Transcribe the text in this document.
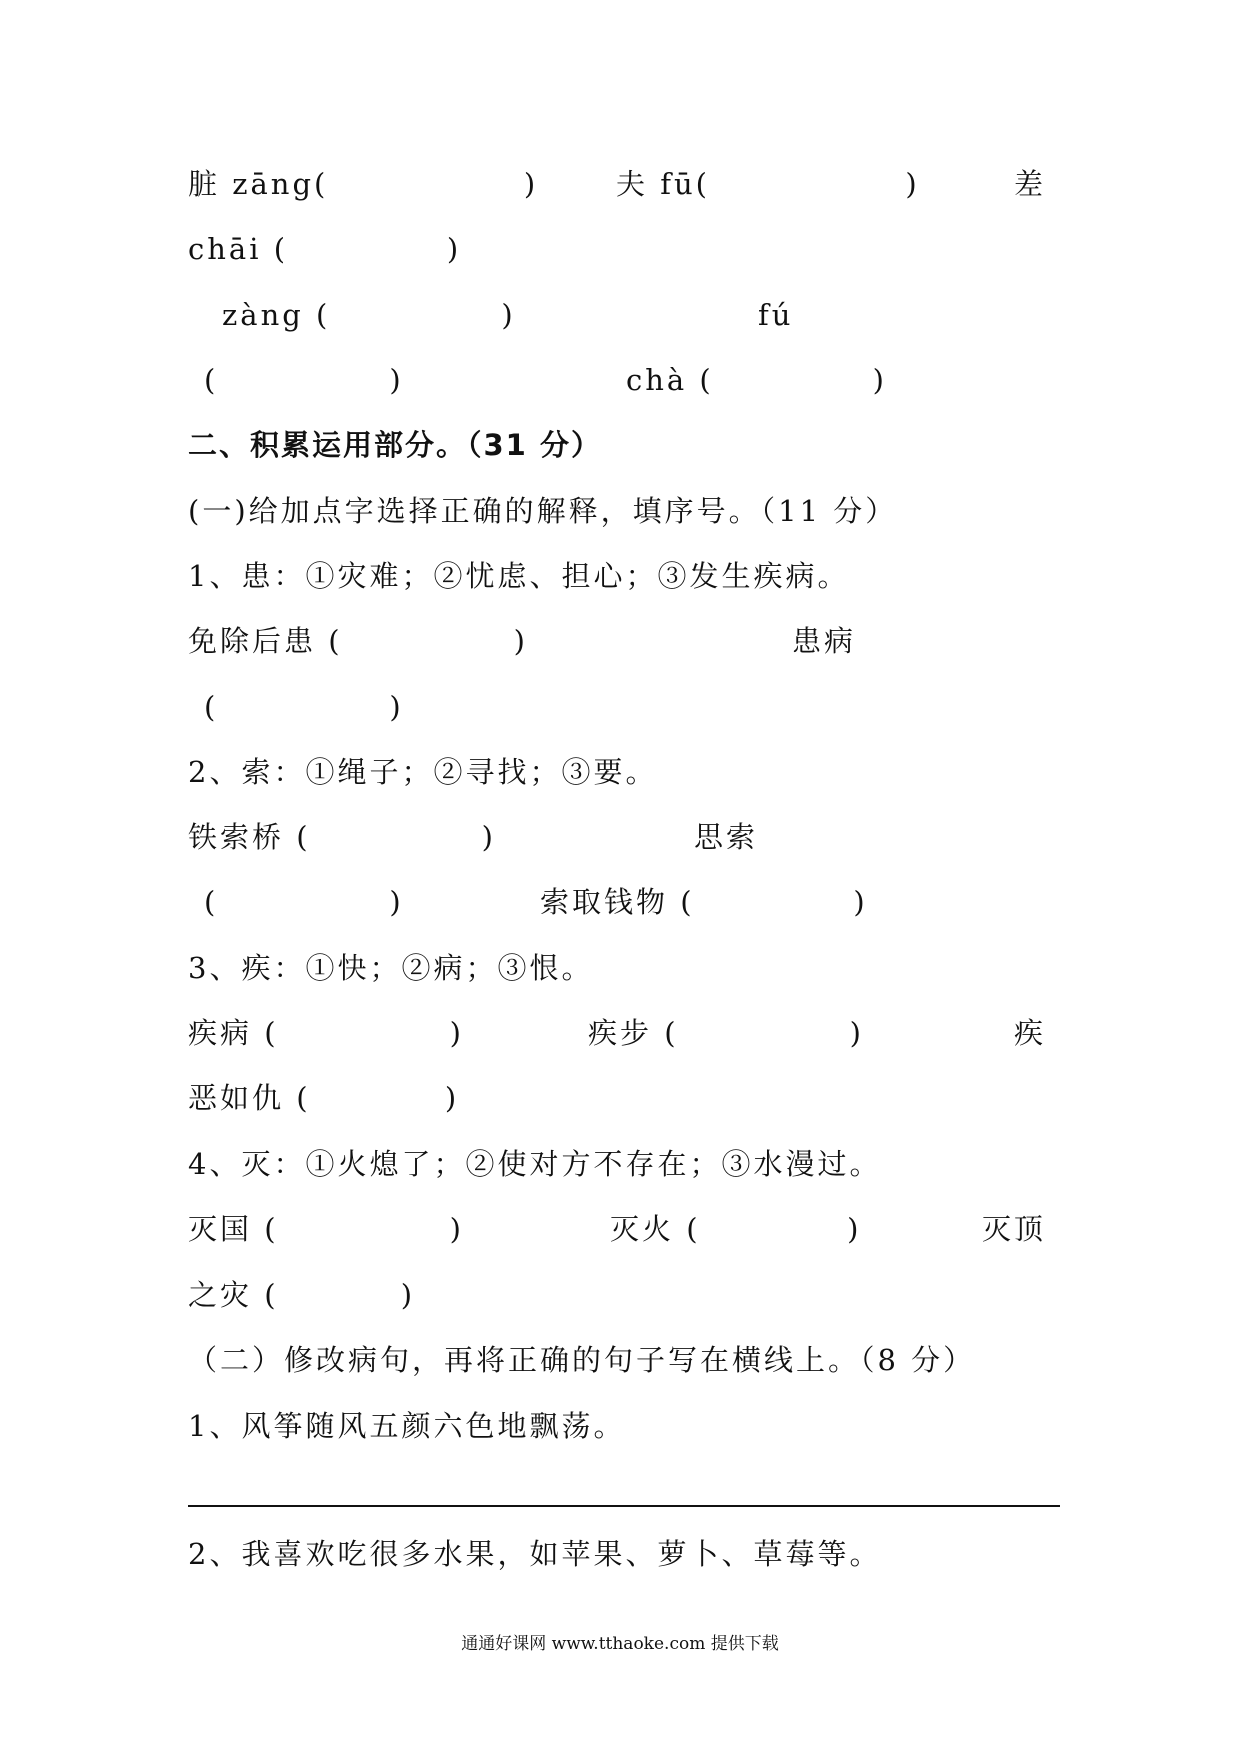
脏 zāng(                )

	夫 fū(                )

	差

chāi (             )

zàng (              )

	fú

(              )

	chà (             )

二、积累运用部分。（31 分）
(一)给加点字选择正确的解释，填序号。（11 分）
1、患：①灾难；②忧虑、担心；③发生疾病。

免除后患 (              )

	患病

(              )

2、索：①绳子；②寻找；③要。

铁索桥 (              )

	思索

(              )

	索取钱物 (             )

3、疾：①快；②病；③恨。

疾病 (              )

	疾步 (              )

	疾

恶如仇 (           )

4、灭：①火熄了；②使对方不存在；③水漫过。

灭国 (              )

	灭火 (            )

	灭顶

之灾 (          )

（二）修改病句，再将正确的句子写在横线上。（8 分）
1、风筝随风五颜六色地飘荡。
2、我喜欢吃很多水果，如苹果、萝卜、草莓等。
通通好课网 www.tthaoke.com 提供下载
